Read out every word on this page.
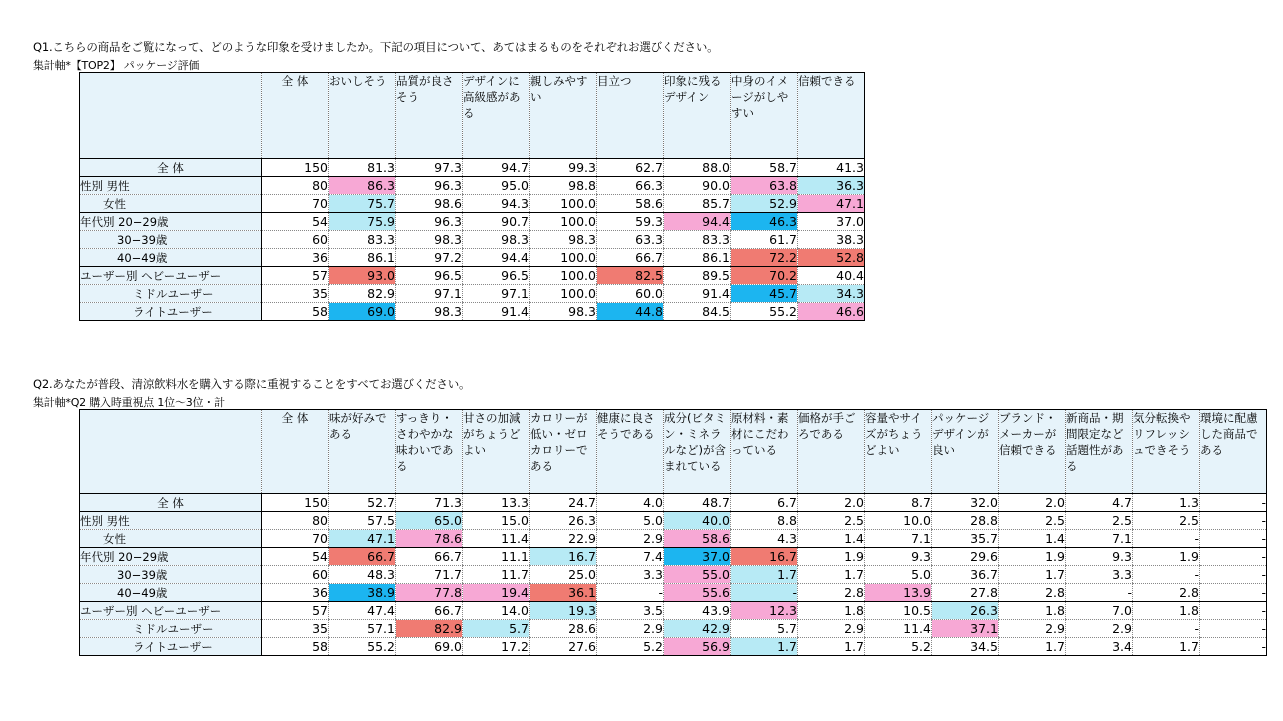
Q1.こちらの商品をご覧になって、どのような印象を受けましたか。下記の項目について、あてはまるものをそれぞれお選びください。
集計軸*【TOP2】 パッケージ評価
	全 体	おいしそう	品質が良さそう	デザインに高級感がある	親しみやすい	目立つ	印象に残るデザイン	中身のイメージがしやすい	信頼できる
全 体	150	81.3	97.3	94.7	99.3	62.7	88.0	58.7	41.3
性別 男性	80	86.3	96.3	95.0	98.8	66.3	90.0	63.8	36.3
女性	70	75.7	98.6	94.3	100.0	58.6	85.7	52.9	47.1
年代別 20−29歳	54	75.9	96.3	90.7	100.0	59.3	94.4	46.3	37.0
30−39歳	60	83.3	98.3	98.3	98.3	63.3	83.3	61.7	38.3
40−49歳	36	86.1	97.2	94.4	100.0	66.7	86.1	72.2	52.8
ユーザー別 ヘビーユーザー	57	93.0	96.5	96.5	100.0	82.5	89.5	70.2	40.4
ミドルユーザー	35	82.9	97.1	97.1	100.0	60.0	91.4	45.7	34.3
ライトユーザー	58	69.0	98.3	91.4	98.3	44.8	84.5	55.2	46.6
Q2.あなたが普段、清涼飲料水を購入する際に重視することをすべてお選びください。
集計軸*Q2 購入時重視点 1位〜3位・計
	全 体	味が好みである	すっきり・さわやかな味わいである	甘さの加減がちょうどよい	カロリーが低い・ゼロカロリーである	健康に良さそうである	成分(ビタミン・ミネラルなど)が含まれている	原材料・素材にこだわっている	価格が手ごろである	容量やサイズがちょうどよい	パッケージデザインが良い	ブランド・メーカーが信頼できる	新商品・期間限定など話題性がある	気分転換やリフレッシュできそう	環境に配慮した商品である
全 体	150	52.7	71.3	13.3	24.7	4.0	48.7	6.7	2.0	8.7	32.0	2.0	4.7	1.3	-
性別 男性	80	57.5	65.0	15.0	26.3	5.0	40.0	8.8	2.5	10.0	28.8	2.5	2.5	2.5	-
女性	70	47.1	78.6	11.4	22.9	2.9	58.6	4.3	1.4	7.1	35.7	1.4	7.1	-	-
年代別 20−29歳	54	66.7	66.7	11.1	16.7	7.4	37.0	16.7	1.9	9.3	29.6	1.9	9.3	1.9	-
30−39歳	60	48.3	71.7	11.7	25.0	3.3	55.0	1.7	1.7	5.0	36.7	1.7	3.3	-	-
40−49歳	36	38.9	77.8	19.4	36.1	-	55.6	-	2.8	13.9	27.8	2.8	-	2.8	-
ユーザー別 ヘビーユーザー	57	47.4	66.7	14.0	19.3	3.5	43.9	12.3	1.8	10.5	26.3	1.8	7.0	1.8	-
ミドルユーザー	35	57.1	82.9	5.7	28.6	2.9	42.9	5.7	2.9	11.4	37.1	2.9	2.9	-	-
ライトユーザー	58	55.2	69.0	17.2	27.6	5.2	56.9	1.7	1.7	5.2	34.5	1.7	3.4	1.7	-
